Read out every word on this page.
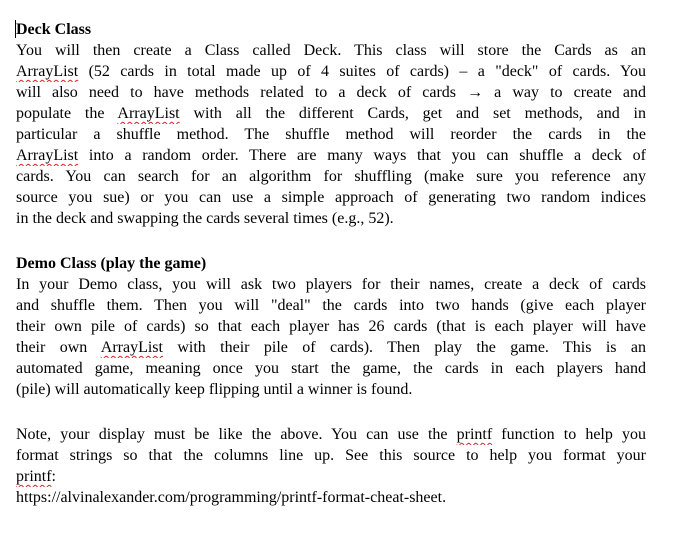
Deck Class
You will then create a Class called Deck. This class will store the Cards as an
ArrayList (52 cards in total made up of 4 suites of cards) – a "deck" of cards. You
will also need to have methods related to a deck of cards → a way to create and
populate the ArrayList with all the different Cards, get and set methods, and in
particular a shuffle method. The shuffle method will reorder the cards in the
ArrayList into a random order. There are many ways that you can shuffle a deck of
cards. You can search for an algorithm for shuffling (make sure you reference any
source you sue) or you can use a simple approach of generating two random indices
in the deck and swapping the cards several times (e.g., 52).
Demo Class (play the game)
In your Demo class, you will ask two players for their names, create a deck of cards
and shuffle them. Then you will "deal" the cards into two hands (give each player
their own pile of cards) so that each player has 26 cards (that is each player will have
their own ArrayList with their pile of cards). Then play the game. This is an
automated game, meaning once you start the game, the cards in each players hand
(pile) will automatically keep flipping until a winner is found.
Note, your display must be like the above. You can use the printf function to help you
format strings so that the columns line up. See this source to help you format your
printf:
https://alvinalexander.com/programming/printf-format-cheat-sheet.
